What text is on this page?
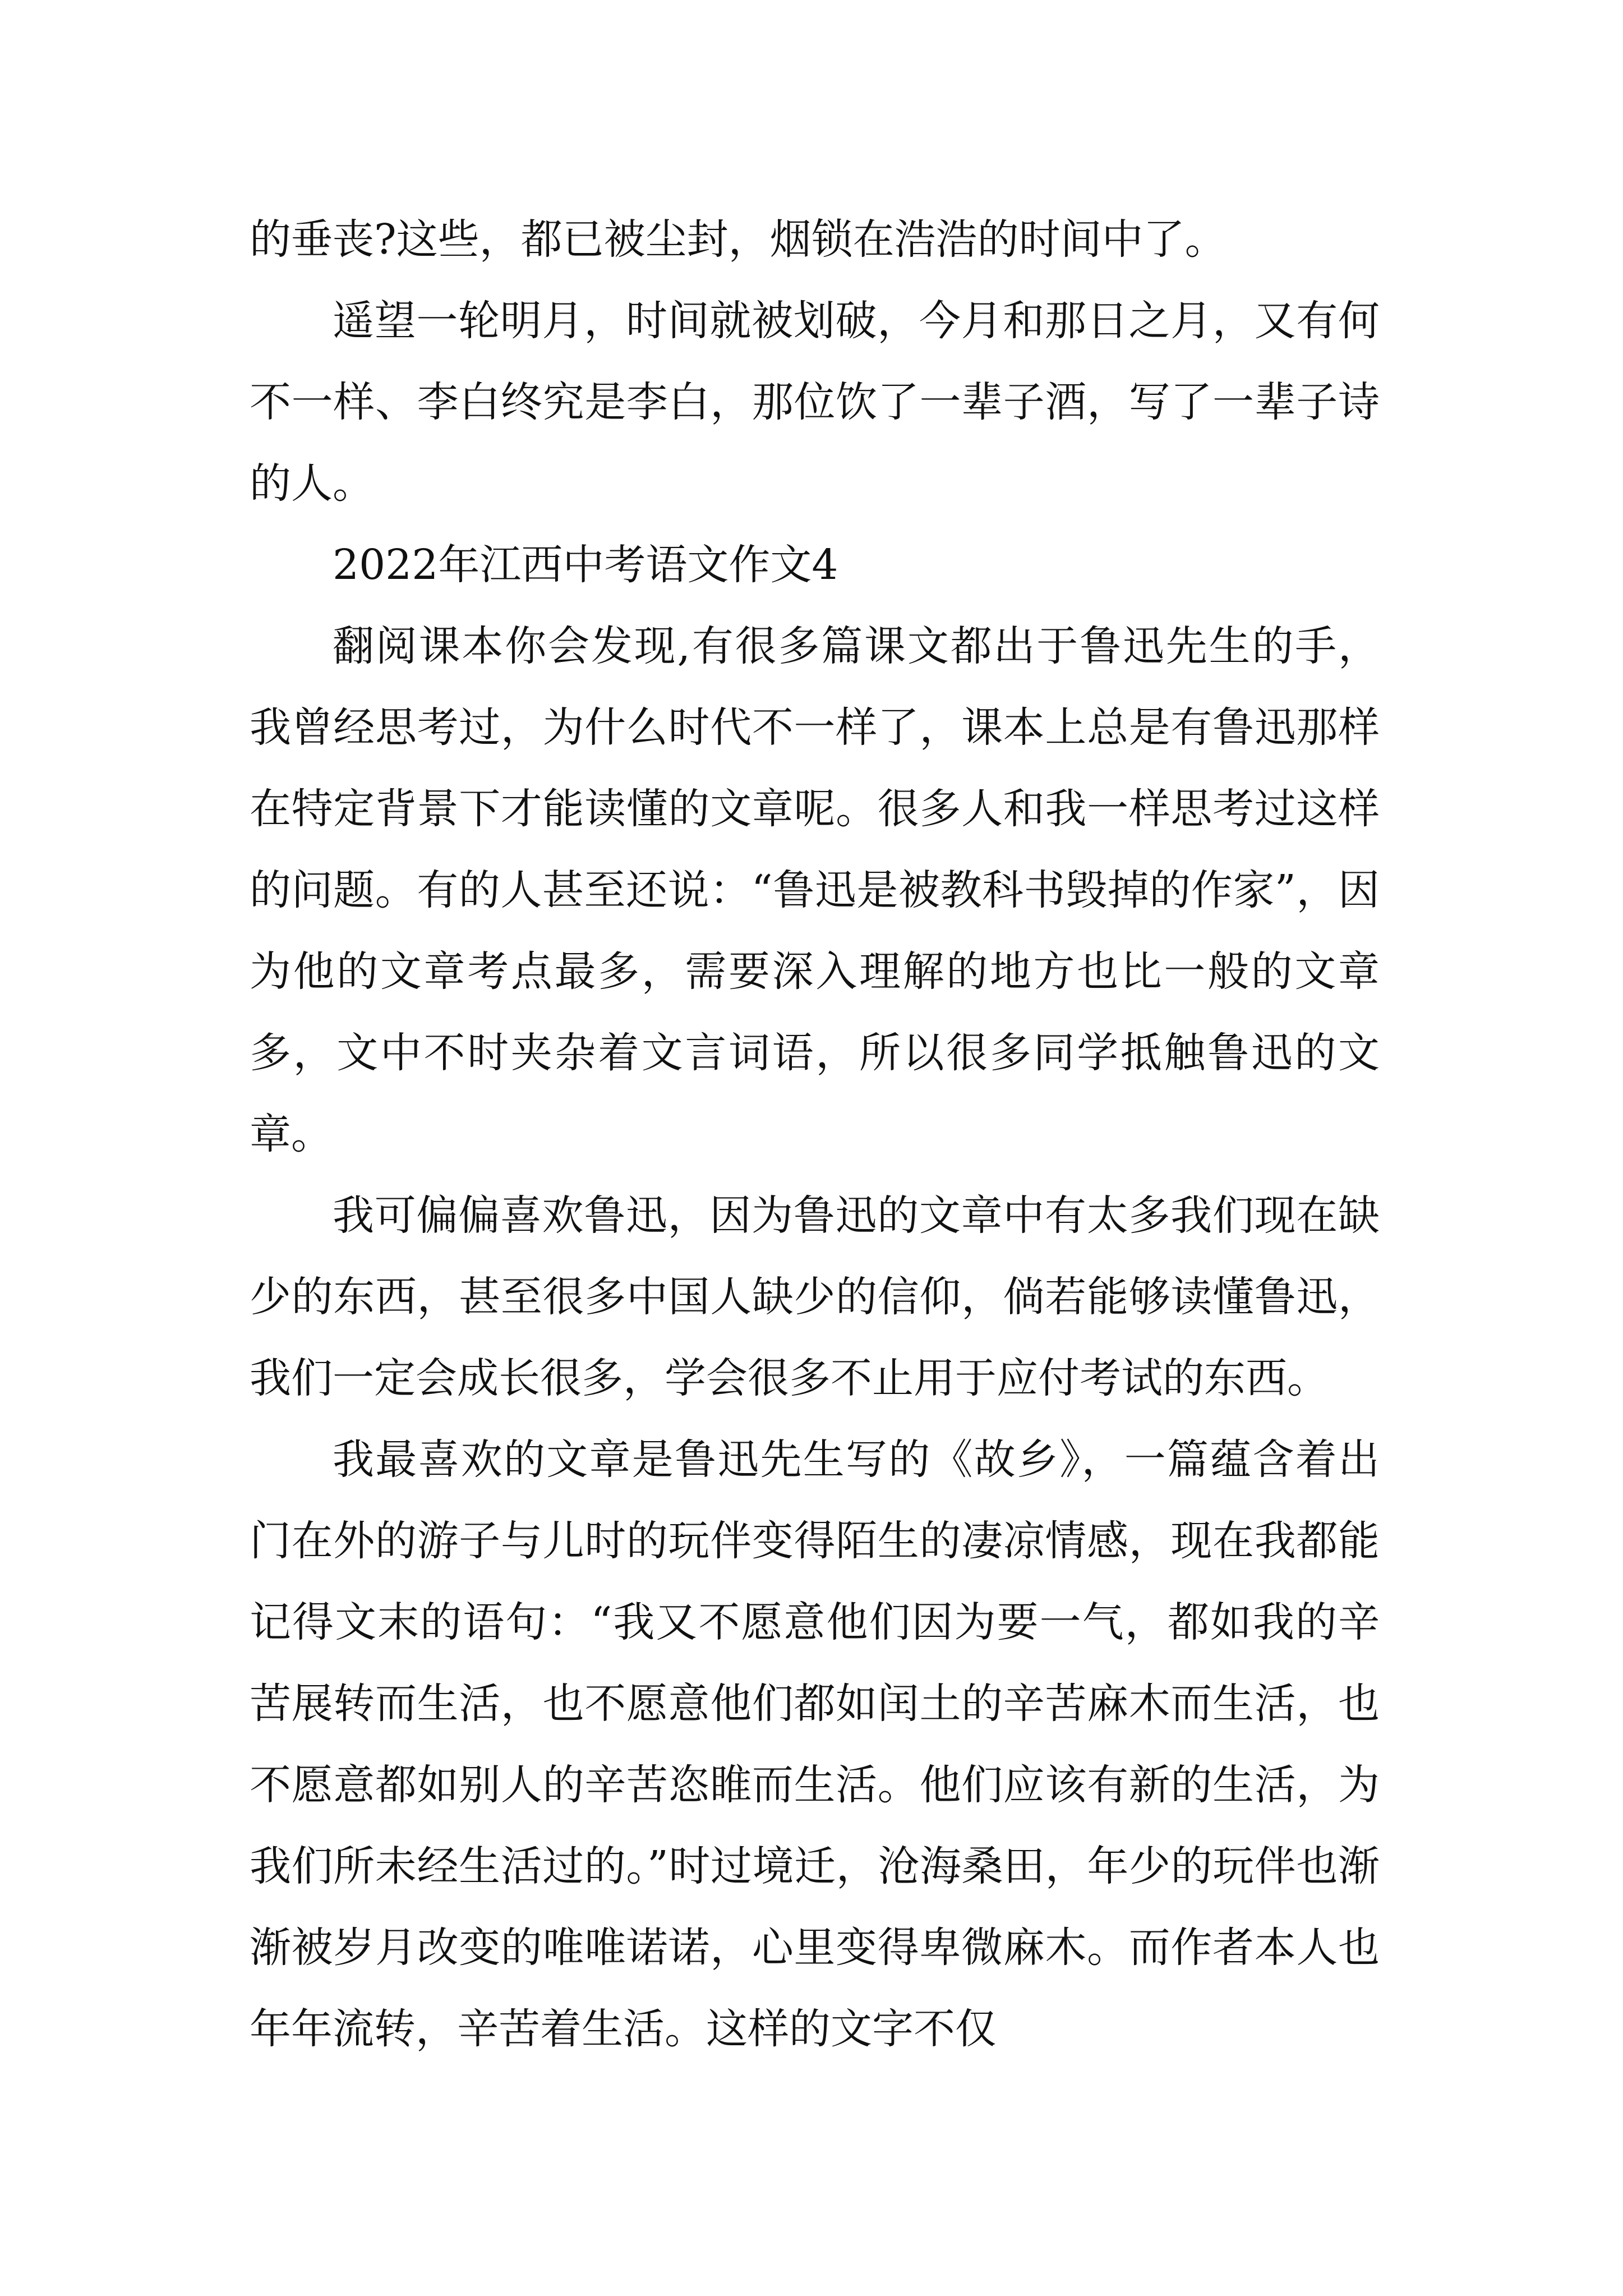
的垂丧?这些，都已被尘封，烟锁在浩浩的时间中了。

遥望一轮明月，时间就被划破，今月和那日之月，又有何不一样、李白终究是李白，那位饮了一辈子酒，写了一辈子诗的人。

2022年江西中考语文作文4

翻阅课本你会发现,有很多篇课文都出于鲁迅先生的手，我曾经思考过，为什么时代不一样了，课本上总是有鲁迅那样在特定背景下才能读懂的文章呢。很多人和我一样思考过这样的问题。有的人甚至还说：“鲁迅是被教科书毁掉的作家”，因为他的文章考点最多，需要深入理解的地方也比一般的文章多，文中不时夹杂着文言词语，所以很多同学抵触鲁迅的文章。

我可偏偏喜欢鲁迅，因为鲁迅的文章中有太多我们现在缺少的东西，甚至很多中国人缺少的信仰，倘若能够读懂鲁迅，我们一定会成长很多，学会很多不止用于应付考试的东西。

我最喜欢的文章是鲁迅先生写的《故乡》，一篇蕴含着出门在外的游子与儿时的玩伴变得陌生的凄凉情感，现在我都能记得文末的语句：“我又不愿意他们因为要一气，都如我的辛苦展转而生活，也不愿意他们都如闰土的辛苦麻木而生活，也不愿意都如别人的辛苦恣睢而生活。他们应该有新的生活，为我们所未经生活过的。”时过境迁，沧海桑田，年少的玩伴也渐渐被岁月改变的唯唯诺诺，心里变得卑微麻木。而作者本人也年年流转，辛苦着生活。这样的文字不仅
